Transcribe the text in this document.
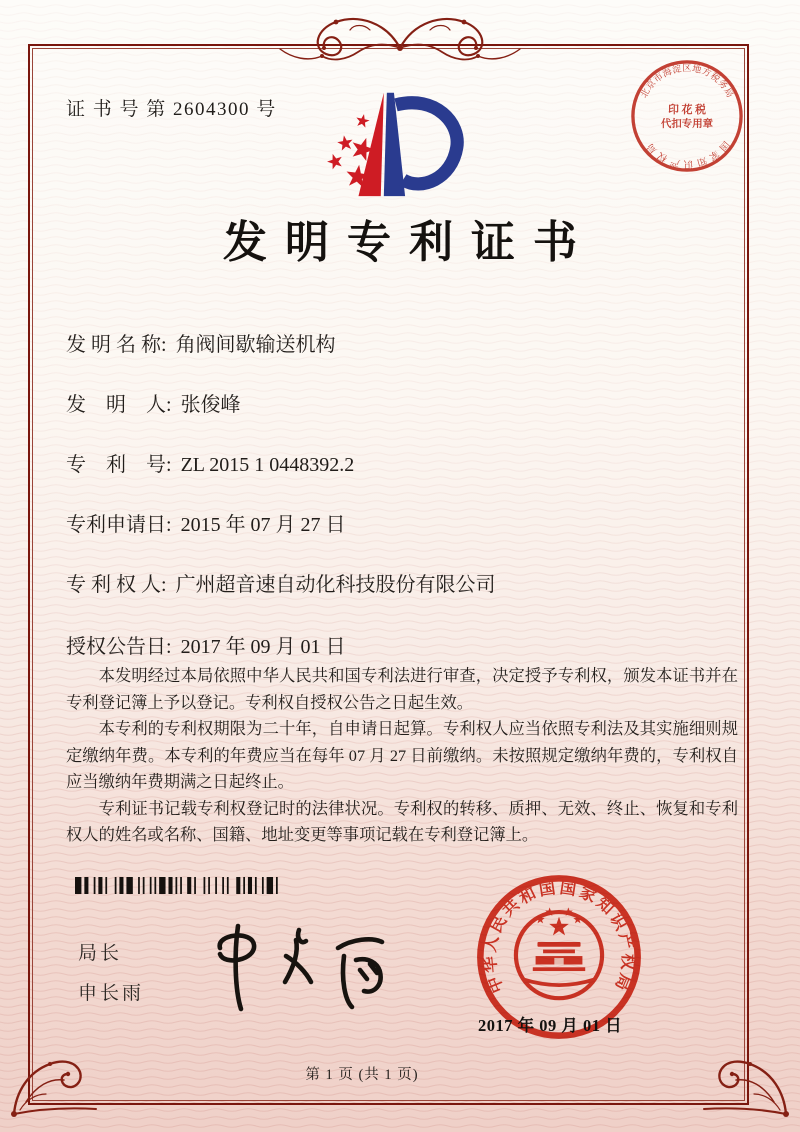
证 书 号 第 2604300 号
北京市海淀区地方税务局
国家知识产权局
印 花 税
代扣专用章
发明专利证书
发 明 名 称: 角阀间歇输送机构
发　明　人: 张俊峰
专　利　号: ZL 2015 1 0448392.2
专利申请日: 2015 年 07 月 27 日
专 利 权 人: 广州超音速自动化科技股份有限公司
授权公告日: 2017 年 09 月 01 日

本发明经过本局依照中华人民共和国专利法进行审查，决定授予专利权，颁发本证书并在专利登记簿上予以登记。专利权自授权公告之日起生效。

本专利的专利权期限为二十年，自申请日起算。专利权人应当依照专利法及其实施细则规定缴纳年费。本专利的年费应当在每年 07 月 27 日前缴纳。未按照规定缴纳年费的，专利权自应当缴纳年费期满之日起终止。

专利证书记载专利权登记时的法律状况。专利权的转移、质押、无效、终止、恢复和专利权人的姓名或名称、国籍、地址变更等事项记载在专利登记簿上。

局长
申长雨	中华人民共和国国家知识产权局
2017 年 09 月 01 日
第 1 页 (共 1 页)
